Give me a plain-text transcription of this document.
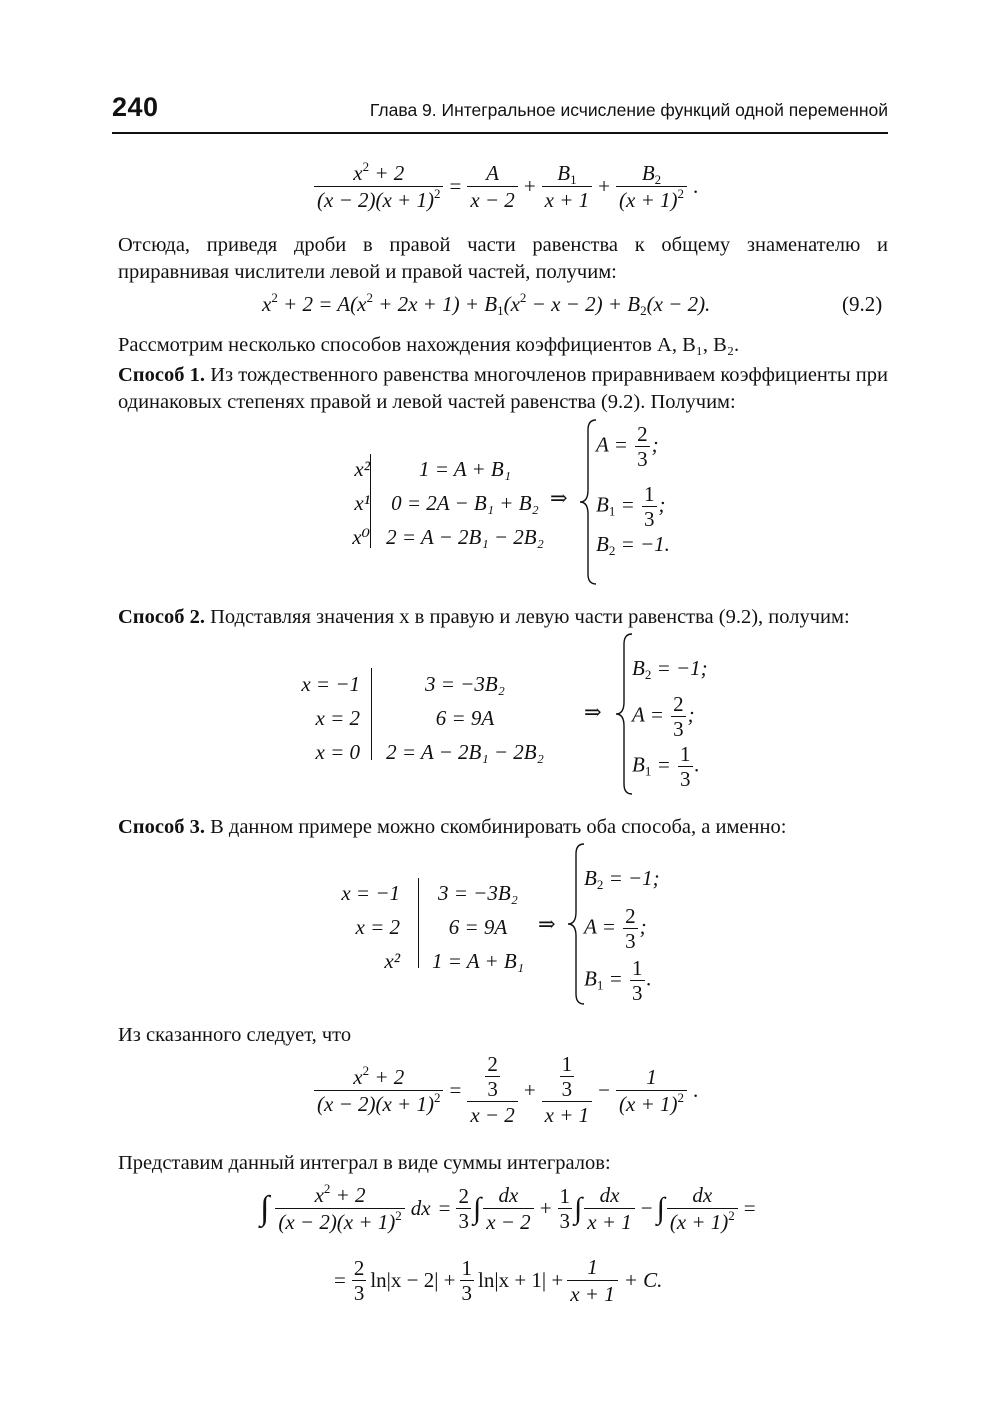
240	Глава 9. Интегральное исчисление функций одной переменной
$\frac{x^2 + 2}{(x - 2)(x + 1)^2} = \frac{A}{x - 2} + \frac{B_1}{x + 1} + \frac{B_2}{(x + 1)^2}$ .
Отсюда, приведя дроби в правой части равенства к общему знаменателю и приравнивая числители левой и правой частей, получим:
$x^2 + 2 = A(x^2 + 2x + 1) + B_1(x^2 - x - 2) + B_2(x - 2)$.	(9.2)
Рассмотрим несколько способов нахождения коэффициентов A, B₁, B₂.
Способ 1. Из тождественного равенства многочленов приравниваем коэффициенты при одинаковых степенях правой и левой частей равенства (9.2). Получим:
x²
x¹
x⁰
1 = A + B₁
0 = 2A − B₁ + B₂
2 = A − 2B₁ − 2B₂
⇒
$A = \frac{2}{3}$ ;
$B_1 = \frac{1}{3}$ ;
$B_2 = -1$.
Способ 2. Подставляя значения x в правую и левую части равенства (9.2), получим:
x = −1
x = 2
x = 0
3 = −3B₂
6 = 9A
2 = A − 2B₁ − 2B₂
⇒
$B_2 = -1$;
$A = \frac{2}{3}$ ;
$B_1 = \frac{1}{3}$ .
Способ 3. В данном примере можно скомбинировать оба способа, а именно:
x = −1
x = 2
x²
3 = −3B₂
6 = 9A
1 = A + B₁
⇒
$B_2 = -1$;
$A = \frac{2}{3}$ ;
$B_1 = \frac{1}{3}$ .
Из сказанного следует, что
$\frac{x^2 + 2}{(x - 2)(x + 1)^2} = \frac{\frac{2}{3}}{x - 2} + \frac{\frac{1}{3}}{x + 1} - \frac{1}{(x + 1)^2}$ .
Представим данный интеграл в виде суммы интегралов:
∫ $\frac{x^2 + 2}{(x - 2)(x + 1)^2}$ dx = $\frac{2}{3}$ ∫ $\frac{dx}{x - 2} + \frac{1}{3}$ ∫ $\frac{dx}{x + 1}$ − ∫ $\frac{dx}{(x + 1)^2}$ =
= $\frac{2}{3} \ln|x - 2| + \frac{1}{3} \ln|x + 1| + \frac{1}{x + 1} + C$.
